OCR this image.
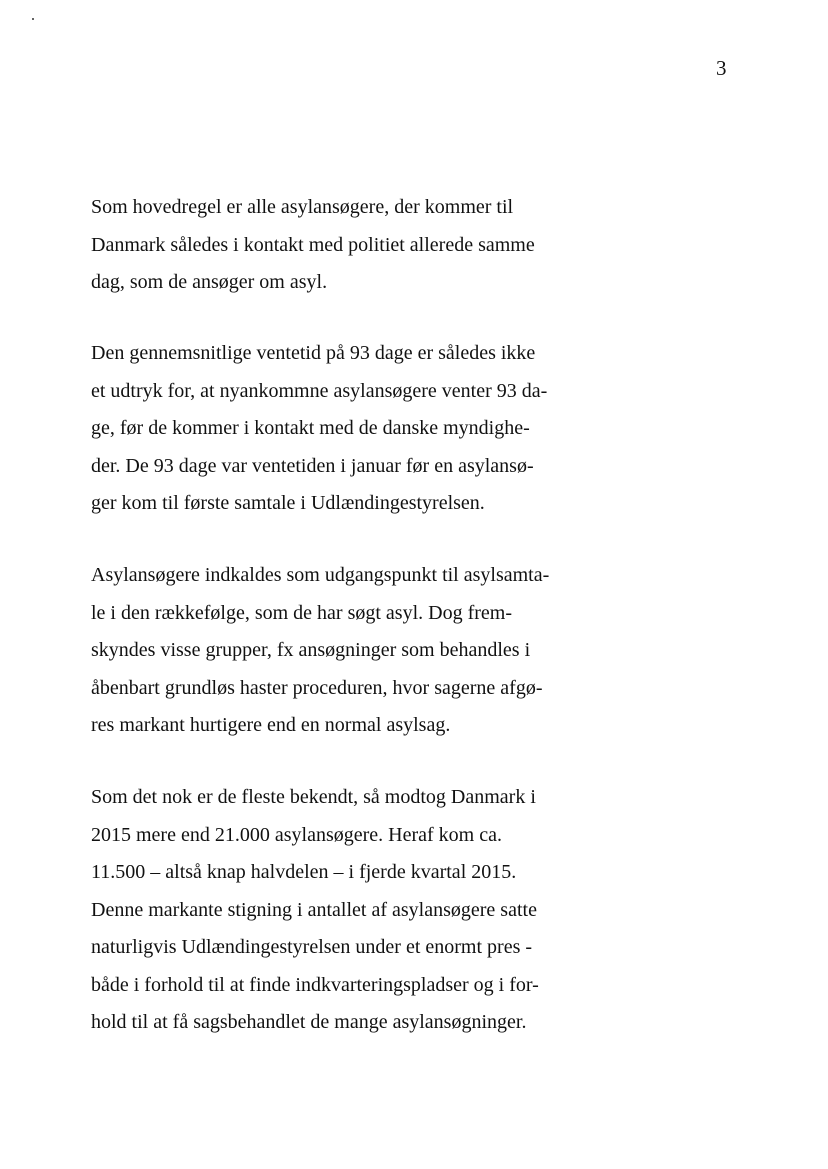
3

Som hovedregel er alle asylansøgere, der kommer til
Danmark således i kontakt med politiet allerede samme
dag, som de ansøger om asyl.

Den gennemsnitlige ventetid på 93 dage er således ikke
et udtryk for, at nyankommne asylansøgere venter 93 da-
ge, før de kommer i kontakt med de danske myndighe-
der. De 93 dage var ventetiden i januar før en asylansø-
ger kom til første samtale i Udlændingestyrelsen.

Asylansøgere indkaldes som udgangspunkt til asylsamta-
le i den rækkefølge, som de har søgt asyl. Dog frem-
skyndes visse grupper, fx ansøgninger som behandles i
åbenbart grundløs haster proceduren, hvor sagerne afgø-
res markant hurtigere end en normal asylsag.

Som det nok er de fleste bekendt, så modtog Danmark i
2015 mere end 21.000 asylansøgere. Heraf kom ca.
11.500 – altså knap halvdelen – i fjerde kvartal 2015.
Denne markante stigning i antallet af asylansøgere satte
naturligvis Udlændingestyrelsen under et enormt pres -
både i forhold til at finde indkvarteringspladser og i for-
hold til at få sagsbehandlet de mange asylansøgninger.
